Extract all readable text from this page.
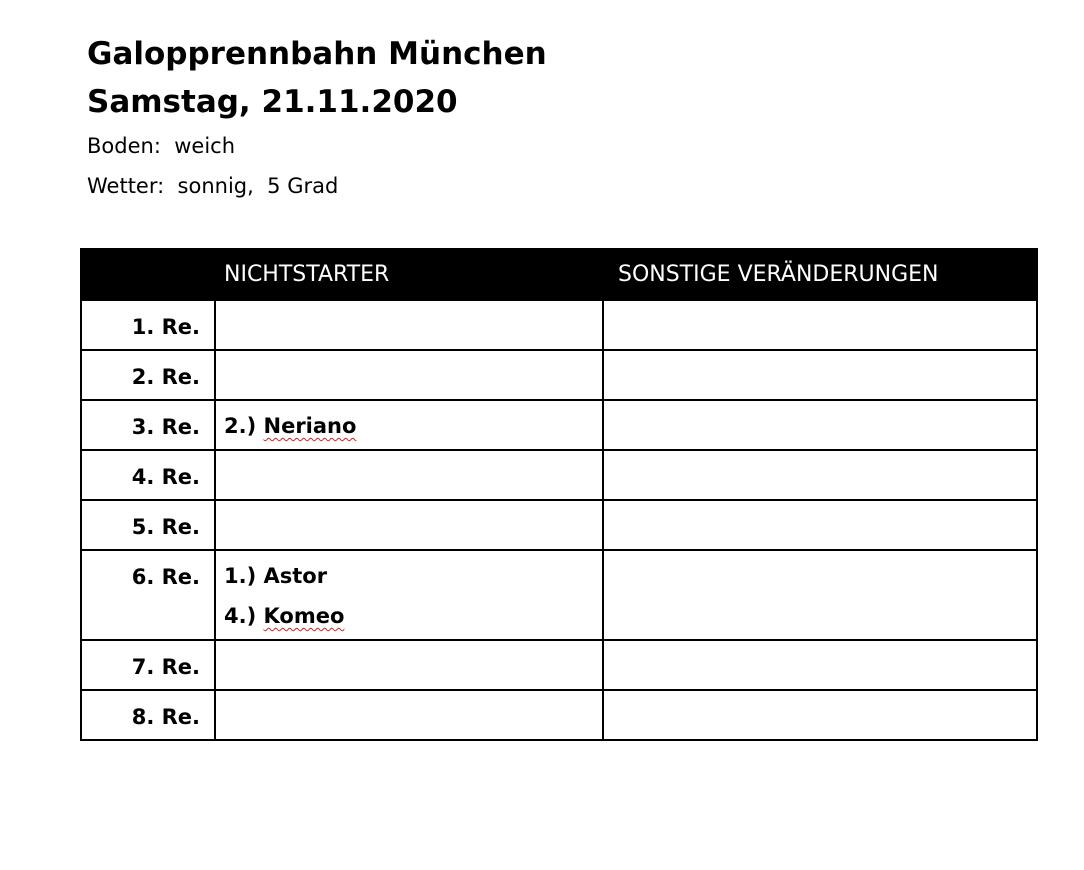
Galopprennbahn München
Samstag, 21.11.2020
Boden: weich
Wetter: sonnig, 5 Grad
	NICHTSTARTER	SONSTIGE VERÄNDERUNGEN

1. Re.		

2. Re.		

3. Re.	2.) Neriano	

4. Re.		

5. Re.		

6. Re.	1.) Astor
4.) Komeo	

7. Re.		

8. Re.		
